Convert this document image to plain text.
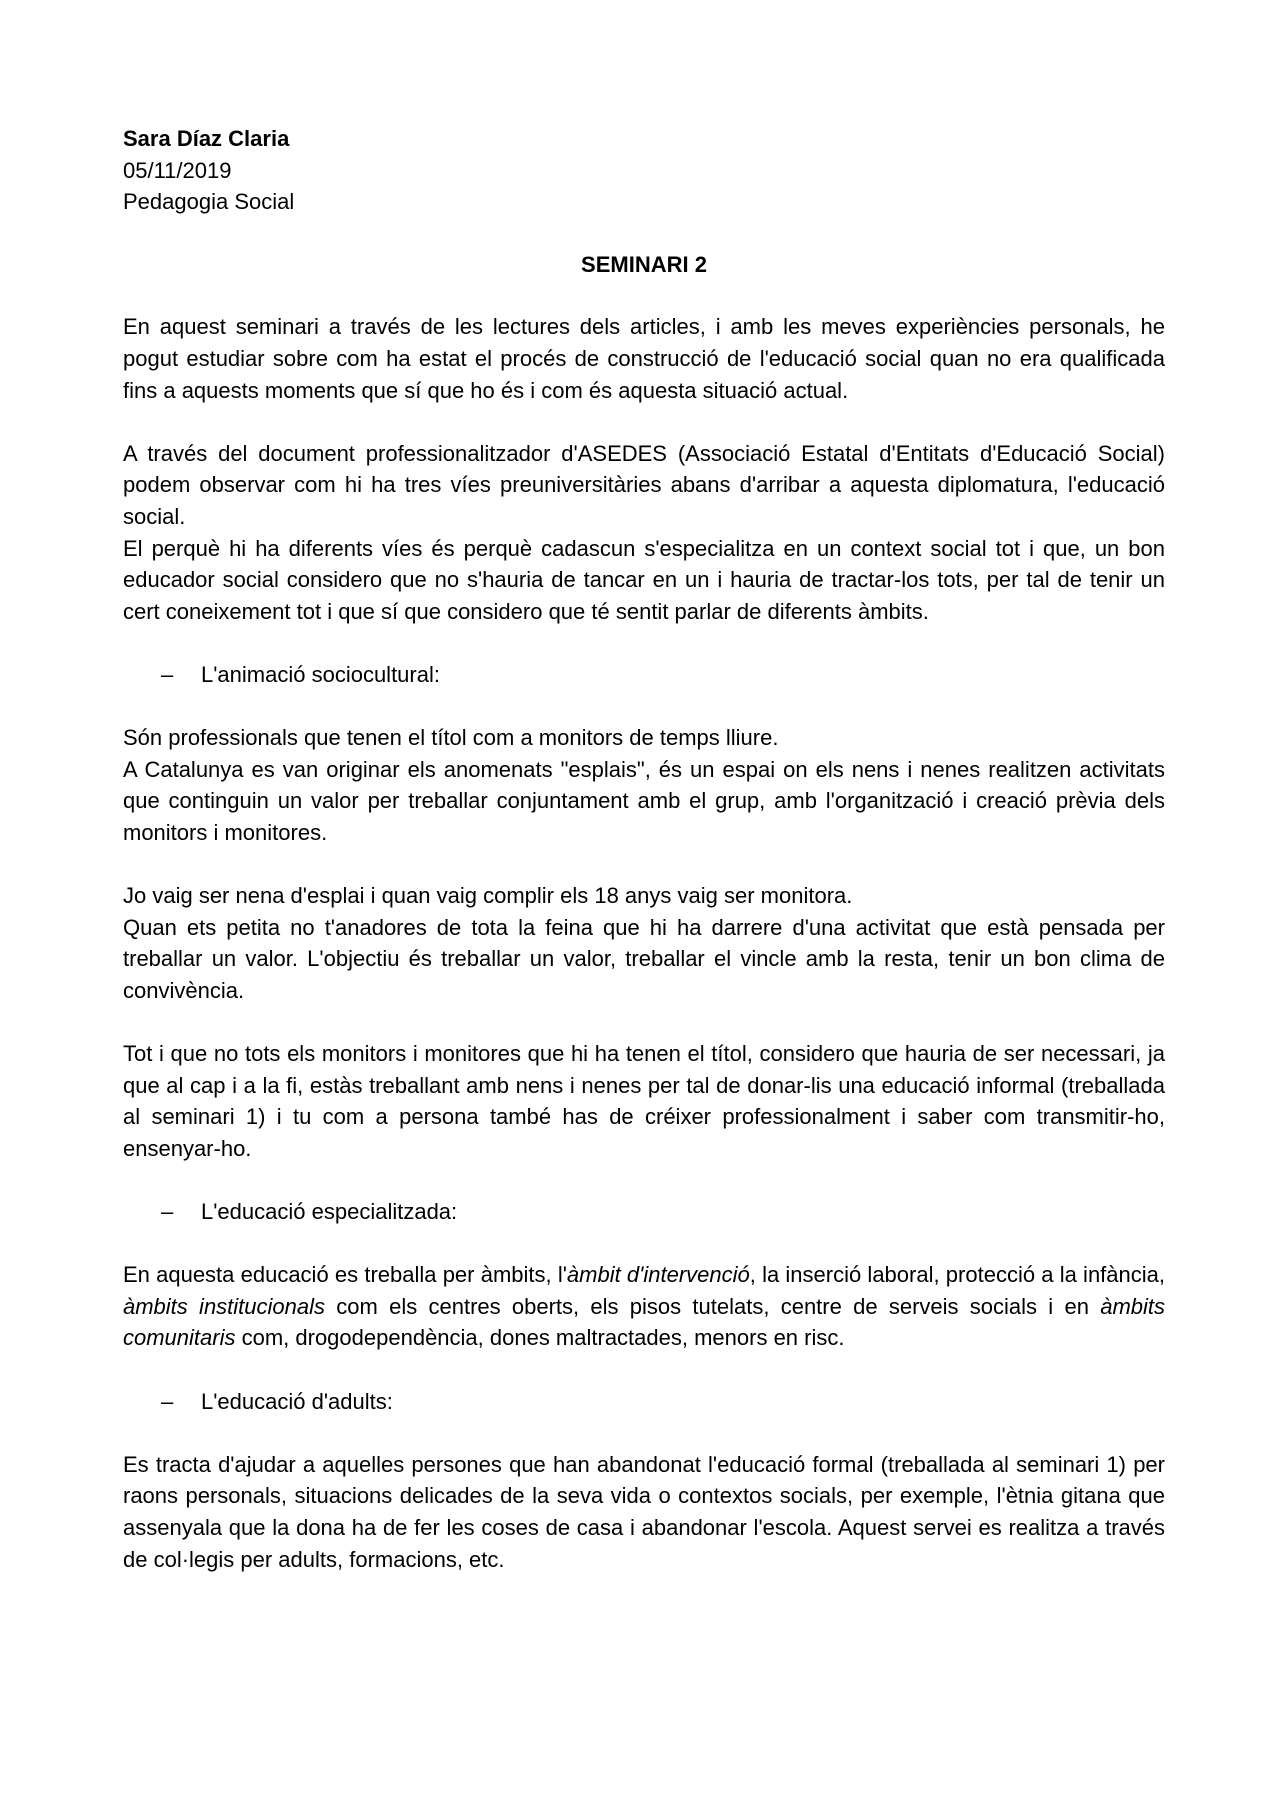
Sara Díaz Claria
05/11/2019
Pedagogia Social
SEMINARI 2

En aquest seminari a través de les lectures dels articles, i amb les meves experiències personals, he pogut estudiar sobre com ha estat el procés de construcció de l'educació social quan no era qualificada fins a aquests moments que sí que ho és i com és aquesta situació actual.

A través del document professionalitzador d'ASEDES (Associació Estatal d'Entitats d'Educació Social) podem observar com hi ha tres víes preuniversitàries abans d'arribar a aquesta diplomatura, l'educació social.

El perquè hi ha diferents víes és perquè cadascun s'especialitza en un context social tot i que, un bon educador social considero que no s'hauria de tancar en un i hauria de tractar-los tots, per tal de tenir un cert coneixement tot i que sí que considero que té sentit parlar de diferents àmbits.

–	L'animació sociocultural:

Són professionals que tenen el títol com a monitors de temps lliure.

A Catalunya es van originar els anomenats "esplais", és un espai on els nens i nenes realitzen activitats que continguin un valor per treballar conjuntament amb el grup, amb l'organització i creació prèvia dels monitors i monitores.

Jo vaig ser nena d'esplai i quan vaig complir els 18 anys vaig ser monitora.

Quan ets petita no t'anadores de tota la feina que hi ha darrere d'una activitat que està pensada per treballar un valor. L'objectiu és treballar un valor, treballar el vincle amb la resta, tenir un bon clima de convivència.

Tot i que no tots els monitors i monitores que hi ha tenen el títol, considero que hauria de ser necessari, ja que al cap i a la fi, estàs treballant amb nens i nenes per tal de donar-lis una educació informal (treballada al seminari 1) i tu com a persona també has de créixer professionalment i saber com transmitir-ho, ensenyar-ho.

–	L'educació especialitzada:

En aquesta educació es treballa per àmbits, l'àmbit d'intervenció, la inserció laboral, protecció a la infància, àmbits institucionals com els centres oberts, els pisos tutelats, centre de serveis socials i en àmbits comunitaris com, drogodependència, dones maltractades, menors en risc.

–	L'educació d'adults:

Es tracta d'ajudar a aquelles persones que han abandonat l'educació formal (treballada al seminari 1) per raons personals, situacions delicades de la seva vida o contextos socials, per exemple, l'ètnia gitana que assenyala que la dona ha de fer les coses de casa i abandonar l'escola. Aquest servei es realitza a través de col·legis per adults, formacions, etc.
